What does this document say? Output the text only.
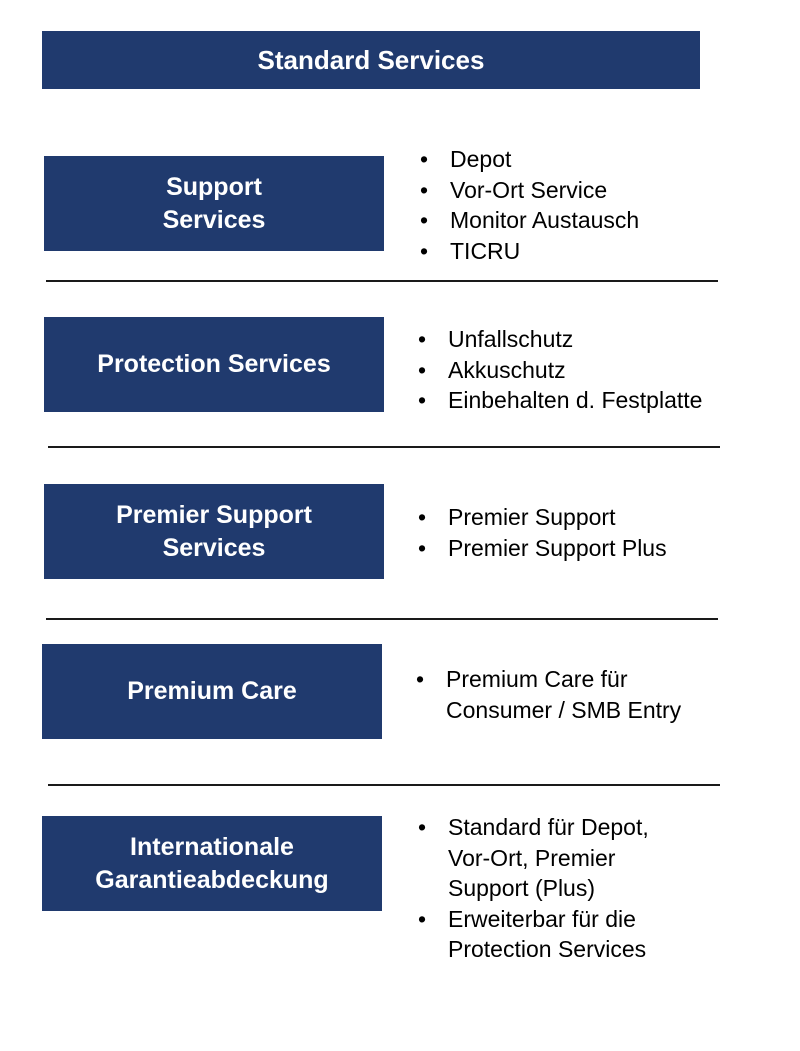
Standard Services
Support
Services
• Depot
• Vor-Ort Service
• Monitor Austausch
• TICRU
Protection Services
• Unfallschutz
• Akkuschutz
• Einbehalten d. Festplatte
Premier Support
Services
• Premier Support
• Premier Support Plus
Premium Care	• Premium Care für
Consumer / SMB Entry
Internationale
Garantieabdeckung
• Standard für Depot,
Vor-Ort, Premier
Support (Plus)
• Erweiterbar für die
Protection Services
